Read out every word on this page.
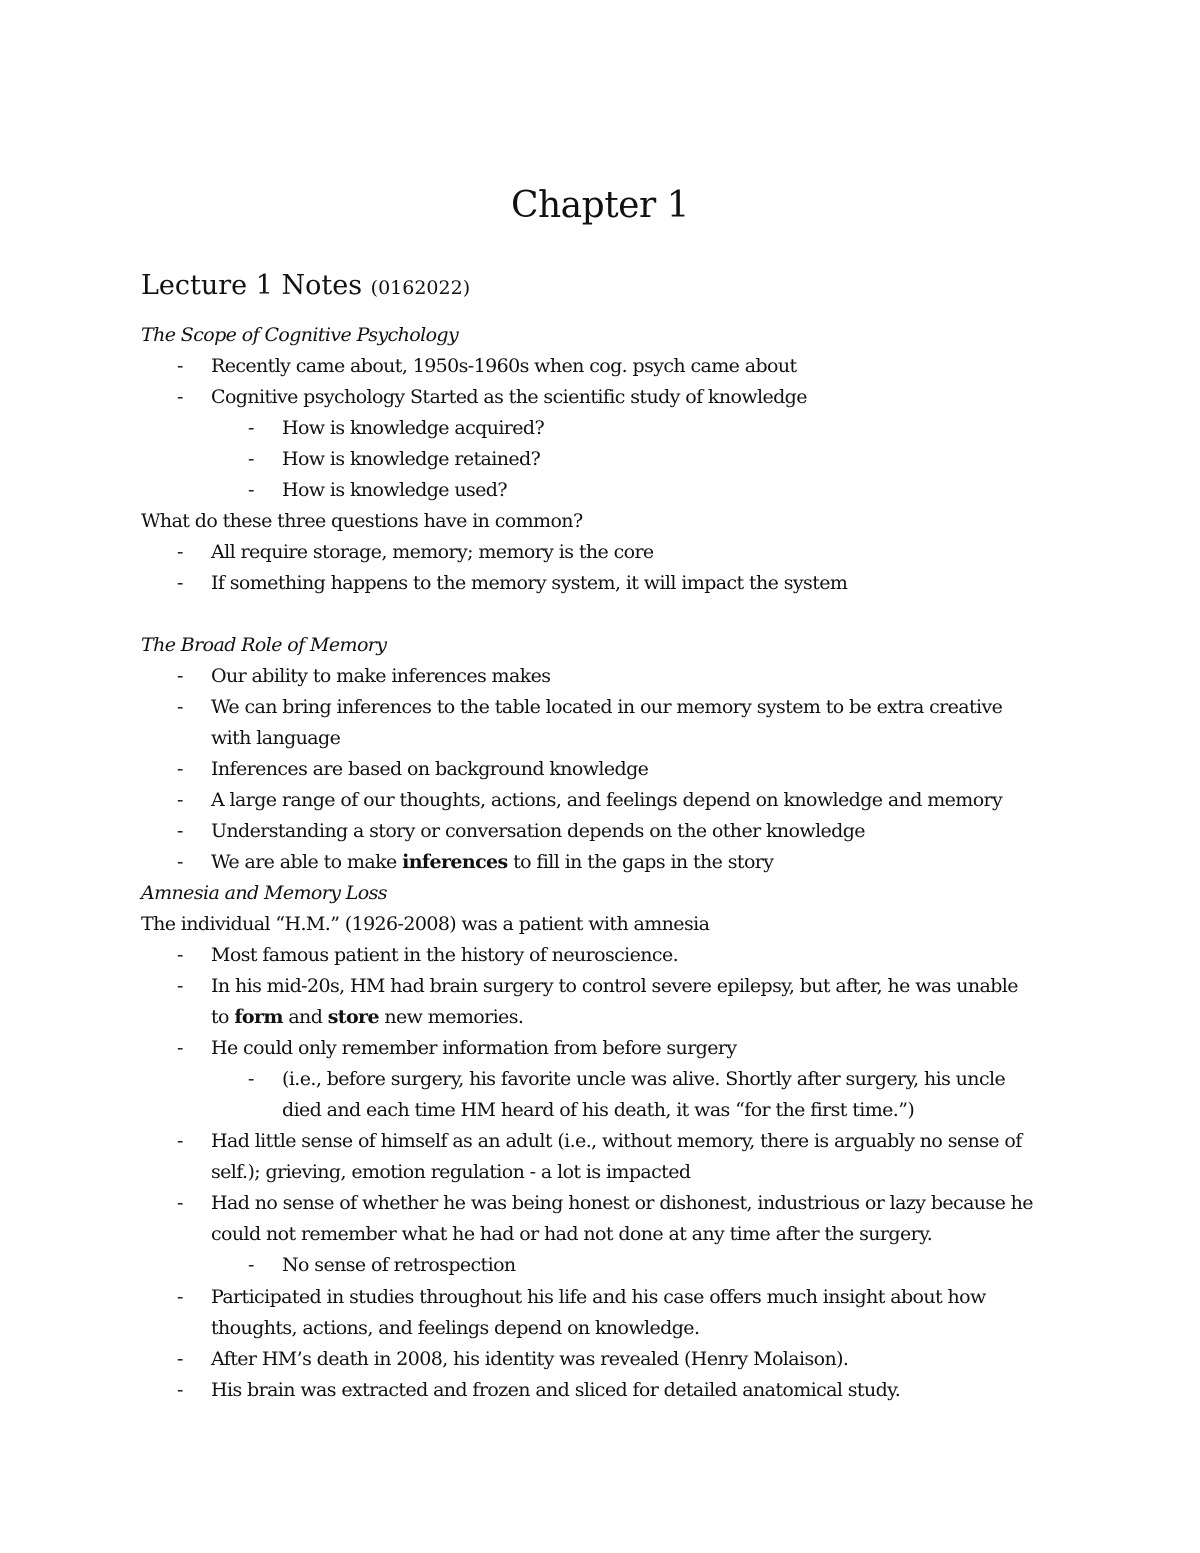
Chapter 1
Lecture 1 Notes (0162022)
The Scope of Cognitive Psychology
- Recently came about, 1950s-1960s when cog. psych came about
- Cognitive psychology Started as the scientific study of knowledge
- How is knowledge acquired?
- How is knowledge retained?
- How is knowledge used?
What do these three questions have in common?
- All require storage, memory; memory is the core
- If something happens to the memory system, it will impact the system
The Broad Role of Memory
- Our ability to make inferences makes
- We can bring inferences to the table located in our memory system to be extra creative
with language
- Inferences are based on background knowledge
- A large range of our thoughts, actions, and feelings depend on knowledge and memory
- Understanding a story or conversation depends on the other knowledge
- We are able to make inferences to fill in the gaps in the story
Amnesia and Memory Loss
The individual “H.M.” (1926-2008) was a patient with amnesia
- Most famous patient in the history of neuroscience.
- In his mid-20s, HM had brain surgery to control severe epilepsy, but after, he was unable
to form and store new memories.
- He could only remember information from before surgery
- (i.e., before surgery, his favorite uncle was alive. Shortly after surgery, his uncle
died and each time HM heard of his death, it was “for the first time.”)
- Had little sense of himself as an adult (i.e., without memory, there is arguably no sense of
self.); grieving, emotion regulation - a lot is impacted
- Had no sense of whether he was being honest or dishonest, industrious or lazy because he
could not remember what he had or had not done at any time after the surgery.
- No sense of retrospection
- Participated in studies throughout his life and his case offers much insight about how
thoughts, actions, and feelings depend on knowledge.
- After HM’s death in 2008, his identity was revealed (Henry Molaison).
- His brain was extracted and frozen and sliced for detailed anatomical study.
